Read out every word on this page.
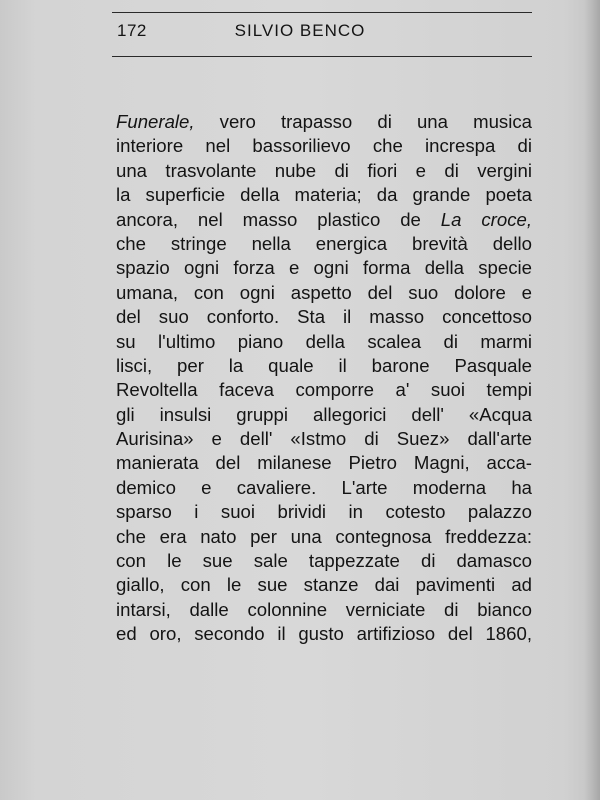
172	SILVIO BENCO
Funerale, vero trapasso di una musica
interiore nel bassorilievo che increspa di
una trasvolante nube di fiori e di vergini
la superficie della materia; da grande poeta
ancora, nel masso plastico de La croce,
che stringe nella energica brevità dello
spazio ogni forza e ogni forma della specie
umana, con ogni aspetto del suo dolore e
del suo conforto. Sta il masso concettoso
su l'ultimo piano della scalea di marmi
lisci, per la quale il barone Pasquale
Revoltella faceva comporre a' suoi tempi
gli insulsi gruppi allegorici dell' «Acqua
Aurisina» e dell' «Istmo di Suez» dall'arte
manierata del milanese Pietro Magni, acca-
demico e cavaliere. L'arte moderna ha
sparso i suoi brividi in cotesto palazzo
che era nato per una contegnosa freddezza:
con le sue sale tappezzate di damasco
giallo, con le sue stanze dai pavimenti ad
intarsi, dalle colonnine verniciate di bianco
ed oro, secondo il gusto artifizioso del 1860,
